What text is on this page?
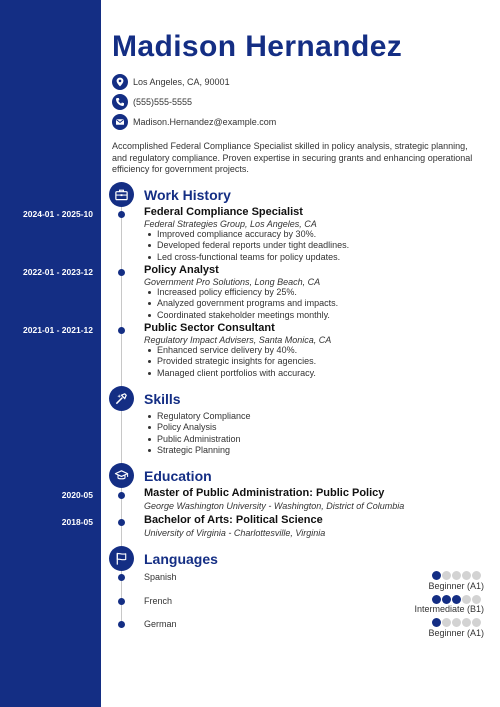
Madison Hernandez
Los Angeles, CA, 90001
(555)555-5555
Madison.Hernandez@example.com

Accomplished Federal Compliance Specialist skilled in policy analysis, strategic planning, and regulatory compliance. Proven expertise in securing grants and enhancing operational efficiency for government projects.

Work History
2024-01 - 2025-10	Federal Compliance Specialist
Federal Strategies Group, Los Angeles, CA
Improved compliance accuracy by 30%.
Developed federal reports under tight deadlines.
Led cross-functional teams for policy updates.
2022-01 - 2023-12	Policy Analyst
Government Pro Solutions, Long Beach, CA
Increased policy efficiency by 25%.
Analyzed government programs and impacts.
Coordinated stakeholder meetings monthly.
2021-01 - 2021-12	Public Sector Consultant
Regulatory Impact Advisers, Santa Monica, CA
Enhanced service delivery by 40%.
Provided strategic insights for agencies.
Managed client portfolios with accuracy.
Skills
Regulatory Compliance
Policy Analysis
Public Administration
Strategic Planning
Education
2020-05	Master of Public Administration: Public Policy
George Washington University - Washington, District of Columbia
2018-05	Bachelor of Arts: Political Science
University of Virginia - Charlottesville, Virginia
Languages
Spanish
Beginner (A1)
French
Intermediate (B1)
German
Beginner (A1)
